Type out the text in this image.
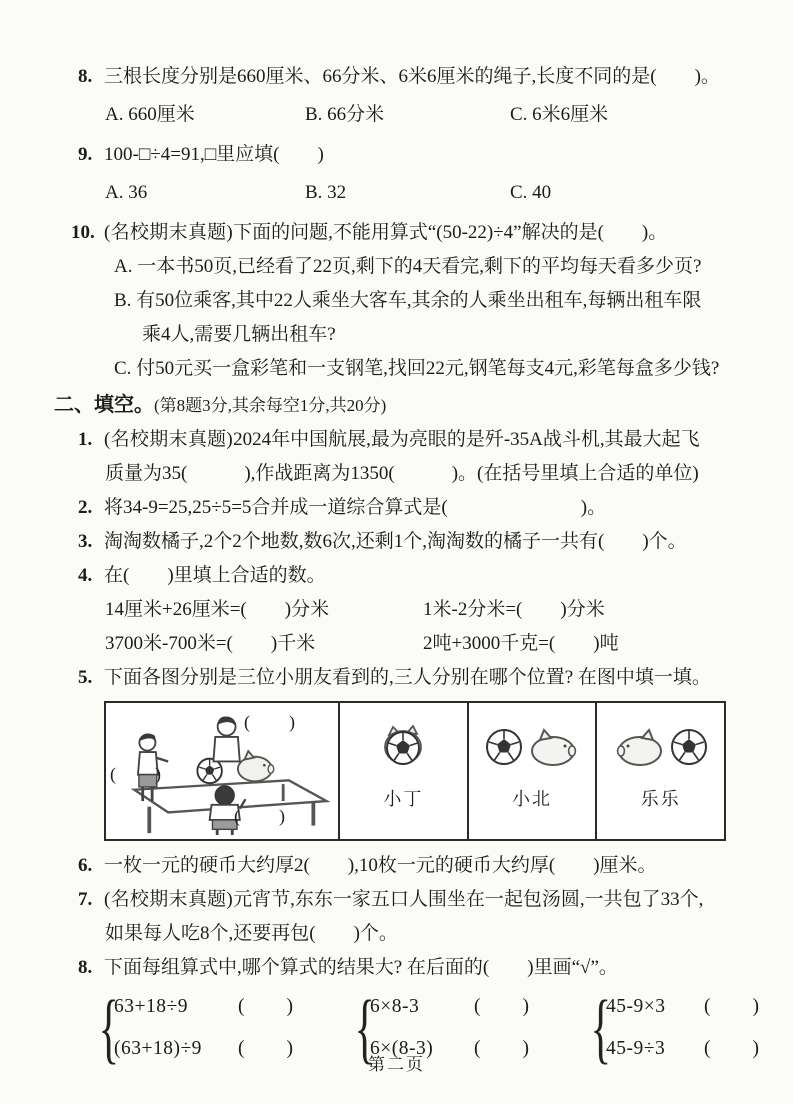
8. 三根长度分别是660厘米、66分米、6米6厘米的绳子,长度不同的是(　　)。
A. 660厘米	B. 66分米	C. 6米6厘米
9. 100-□÷4=91,□里应填(　　)
A. 36	B. 32	C. 40
10. (名校期末真题)下面的问题,不能用算式“(50-22)÷4”解决的是(　　)。
A. 一本书50页,已经看了22页,剩下的4天看完,剩下的平均每天看多少页?
B. 有50位乘客,其中22人乘坐大客车,其余的人乘坐出租车,每辆出租车限
乘4人,需要几辆出租车?
C. 付50元买一盒彩笔和一支钢笔,找回22元,钢笔每支4元,彩笔每盒多少钱?
二、填空。(第8题3分,其余每空1分,共20分)
1. (名校期末真题)2024年中国航展,最为亮眼的是歼-35A战斗机,其最大起飞
质量为35(　　　),作战距离为1350(　　　)。(在括号里填上合适的单位)
2. 将34-9=25,25÷5=5合并成一道综合算式是(　　　　　　　)。
3. 淘淘数橘子,2个2个地数,数6次,还剩1个,淘淘数的橘子一共有(　　)个。
4. 在(　　)里填上合适的数。
14厘米+26厘米=(　　)分米	1米-2分米=(　　)分米
3700米-700米=(　　)千米	2吨+3000千克=(　　)吨
5. 下面各图分别是三位小朋友看到的,三人分别在哪个位置? 在图中填一填。
(　　)
(　　)
(　　)
小丁	小北	乐乐
6. 一枚一元的硬币大约厚2(　　),10枚一元的硬币大约厚(　　)厘米。
7. (名校期末真题)元宵节,东东一家五口人围坐在一起包汤圆,一共包了33个,
如果每人吃8个,还要再包(　　)个。
8. 下面每组算式中,哪个算式的结果大? 在后面的(　　)里画“√”。
{
63+18÷9	(　　)
(63+18)÷9	(　　) {
6×8-3	(　　)
6×(8-3)	(　　) {
45-9×3	(　　)
45-9÷3	(　　)
第二页
